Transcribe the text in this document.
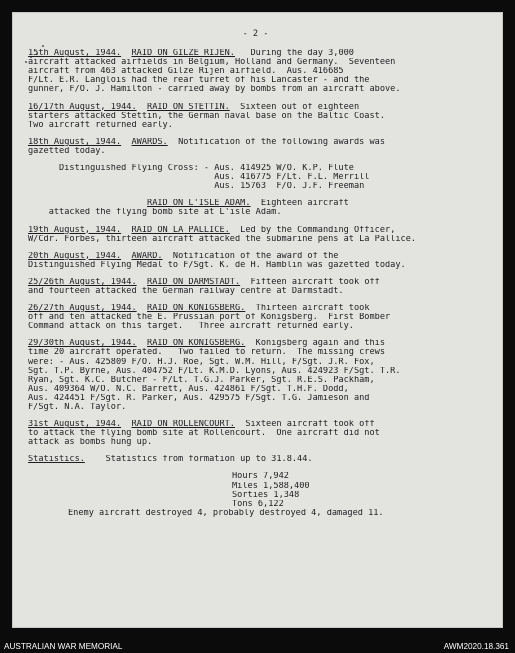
- 2 -
15th August, 1944. RAID ON GILZE RIJEN.   During the day 3,000
aircraft attacked airfields in Belgium, Holland and Germany.  Seventeen
aircraft from 463 attacked Gilze Rijen airfield.  Aus. 416685
F/Lt. E.R. Langlois had the rear turret of his Lancaster - and the
gunner, F/O. J. Hamilton - carried away by bombs from an aircraft above.
16/17th August, 1944. RAID ON STETTIN.  Sixteen out of eighteen
starters attacked Stettin, the German naval base on the Baltic Coast.
Two aircraft returned early.
18th August, 1944. AWARDS.  Notification of the following awards was
gazetted today.
Distinguished Flying Cross: - Aus. 414925 W/O. K.P. Flute
Aus. 416775 F/Lt. F.L. Merrill
Aus. 15763  F/O. J.F. Freeman
RAID ON L'ISLE ADAM.  Eighteen aircraft
attacked the flying bomb site at L'isle Adam.
19th August, 1944. RAID ON LA PALLICE.  Led by the Commanding Officer,
W/Cdr. Forbes, thirteen aircraft attacked the submarine pens at La Pallice.
20th August, 1944. AWARD.  Notification of the award of the
Distinguished Flying Medal to F/Sgt. K. de H. Hamblin was gazetted today.
25/26th August, 1944. RAID ON DARMSTADT.  Fifteen aircraft took off
and fourteen attacked the German railway centre at Darmstadt.
26/27th August, 1944. RAID ON KONIGSBERG.  Thirteen aircraft took
off and ten attacked the E. Prussian port of Konigsberg.  First Bomber
Command attack on this target.   Three aircraft returned early.
29/30th August, 1944. RAID ON KONIGSBERG.  Konigsberg again and this
time 20 aircraft operated.   Two failed to return.  The missing crews
were: - Aus. 425809 F/O. H.J. Roe, Sgt. W.M. Hill, F/Sgt. J.R. Fox,
Sgt. T.P. Byrne, Aus. 404752 F/Lt. K.M.D. Lyons, Aus. 424923 F/Sgt. T.R.
Ryan, Sgt. K.C. Butcher - F/Lt. T.G.J. Parker, Sgt. R.E.S. Packham,
Aus. 409364 W/O. N.C. Barrett, Aus. 424861 F/Sgt. T.H.F. Dodd,
Aus. 424451 F/Sgt. R. Parker, Aus. 429575 F/Sgt. T.G. Jamieson and
F/Sgt. N.A. Taylor.
31st August, 1944. RAID ON ROLLENCOURT.  Sixteen aircraft took off
to attack the flying bomb site at Rollencourt.  One aircraft did not
attack as bombs hung up.
Statistics.    Statistics from formation up to 31.8.44.
Hours 7,942
Miles 1,588,400
Sorties 1,348
Tons 6,122
Enemy aircraft destroyed 4, probably destroyed 4, damaged 11.
AUSTRALIAN WAR MEMORIAL	AWM2020.18.361
